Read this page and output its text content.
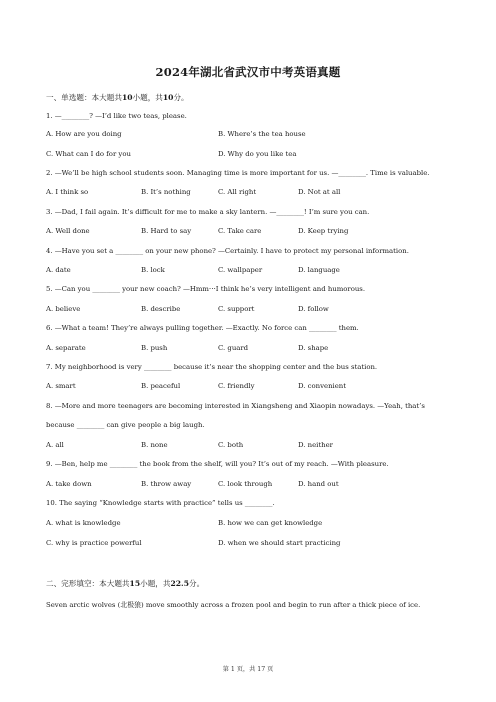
2024年湖北省武汉市中考英语真题
一、单选题：本大题共10小题，共10分。
1. —________? —I’d like two teas, please.
A. How are you doing	B. Where’s the tea house
C. What can I do for you	D. Why do you like tea
2. —We’ll be high school students soon. Managing time is more important for us. —________. Time is valuable.
A. I think so	B. It’s nothing	C. All right	D. Not at all
3. —Dad, I fail again. It’s difficult for me to make a sky lantern. —________! I’m sure you can.
A. Well done	B. Hard to say	C. Take care	D. Keep trying
4. —Have you set a ________ on your new phone? —Certainly. I have to protect my personal information.
A. date	B. lock	C. wallpaper	D. language
5. —Can you ________ your new coach? —Hmm⋯I think he’s very intelligent and humorous.
A. believe	B. describe	C. support	D. follow
6. —What a team! They’re always pulling together. —Exactly. No force can ________ them.
A. separate	B. push	C. guard	D. shape
7. My neighborhood is very ________ because it’s near the shopping center and the bus station.
A. smart	B. peaceful	C. friendly	D. convenient
8. —More and more teenagers are becoming interested in Xiangsheng and Xiaopin nowadays. —Yeah, that’s
because ________ can give people a big laugh.
A. all	B. none	C. both	D. neither
9. —Ben, help me ________ the book from the shelf, will you? It’s out of my reach. —With pleasure.
A. take down	B. throw away	C. look through	D. hand out
10. The saying “Knowledge starts with practice” tells us ________.
A. what is knowledge	B. how we can get knowledge
C. why is practice powerful	D. when we should start practicing
二、完形填空：本大题共15小题，共22.5分。
Seven arctic wolves (北极狼) move smoothly across a frozen pool and begin to run after a thick piece of ice.
第 1 页，共 17 页
